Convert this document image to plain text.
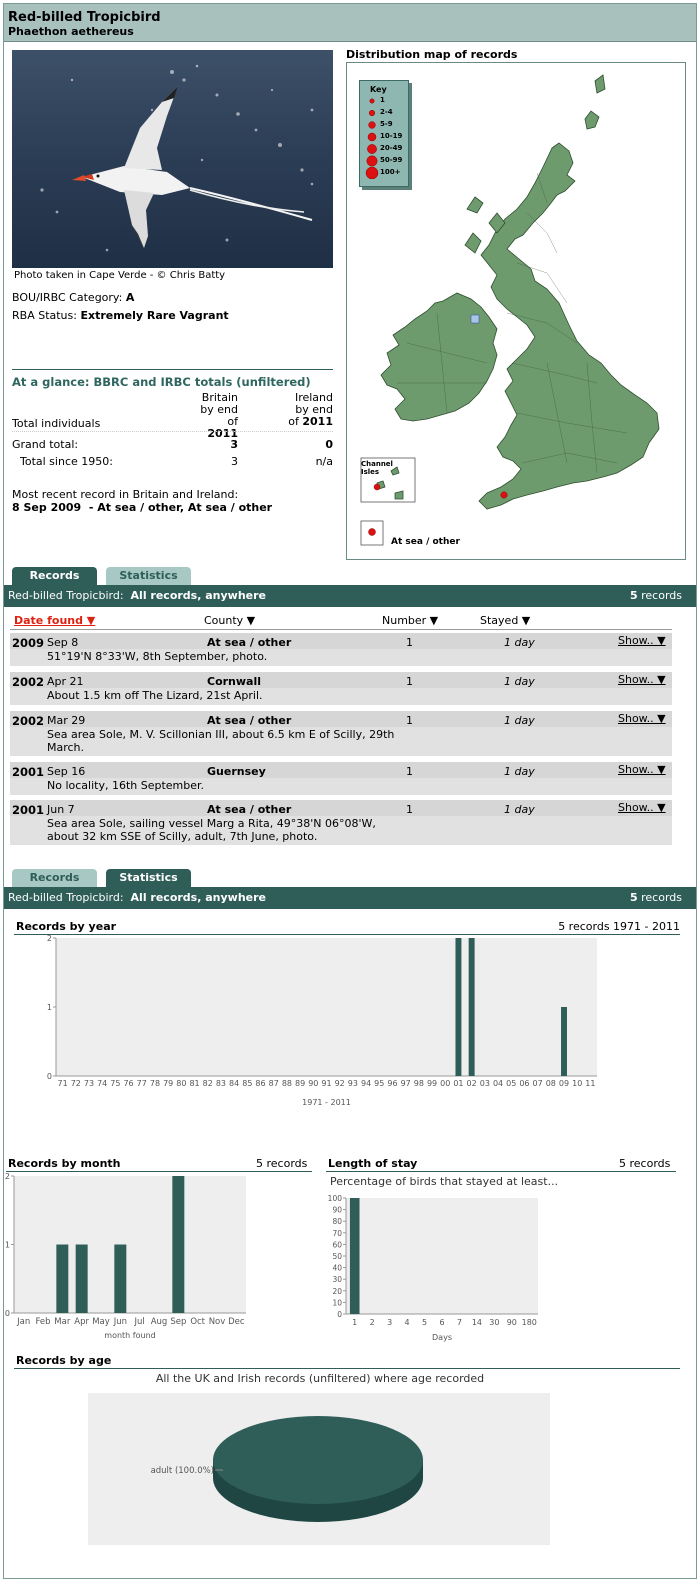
Red-billed Tropicbird
Phaethon aethereus
Photo taken in Cape Verde - © Chris Batty
BOU/IRBC Category: A
RBA Status: Extremely Rare Vagrant
At a glance: BBRC and IRBC totals (unfiltered)
Britain
by end
of 2011
Ireland
by end
of 2011
Total individuals
Grand total:	3	0
Total since 1950:	3	n/a
Most recent record in Britain and Ireland:
8 Sep 2009  - At sea / other, At sea / other
Distribution map of records
Channel
Isles
At sea / other
Key
1
2-4
5-9
10-19
20-49
50-99
100+
Records	Statistics
Red-billed Tropicbird: All records, anywhere	5 records
Date found ▼	County ▼	Number ▼	Stayed ▼
2009 Sep 8	At sea / other	1	1 day	Show.. ▼
51°19'N 8°33'W, 8th September, photo.
2002 Apr 21	Cornwall	1	1 day	Show.. ▼
About 1.5 km off The Lizard, 21st April.
2002 Mar 29	At sea / other	1	1 day	Show.. ▼
Sea area Sole, M. V. Scillonian III, about 6.5 km E of Scilly, 29th March.
2001 Sep 16	Guernsey	1	1 day	Show.. ▼
No locality, 16th September.
2001 Jun 7	At sea / other	1	1 day	Show.. ▼
Sea area Sole, sailing vessel Marg a Rita, 49°38'N 06°08'W, about 32 km SSE of Scilly, adult, 7th June, photo.
Records	Statistics
Red-billed Tropicbird: All records, anywhere	5 records
Records by year	5 records 1971 - 2011
0
1
2
71 72 73 74 75 76 77 78 79 80 81 82 83 84 85 86 87 88 89 90 91 92 93 94 95 96 97 98 99 00 01 02 03 04 05 06 07 08 09 10 11
1971 - 2011
Records by month	5 records
0
1
2
Jan Feb Mar Apr May Jun Jul Aug Sep Oct Nov Dec
month found
Length of stay	5 records
Percentage of birds that stayed at least...
0
10
20
30
40
50
60
70
80
90
100
1 2 3 4 5 6 7 14 30 90 180
Days
Records by age
All the UK and Irish records (unfiltered) where age recorded
adult (100.0%)
